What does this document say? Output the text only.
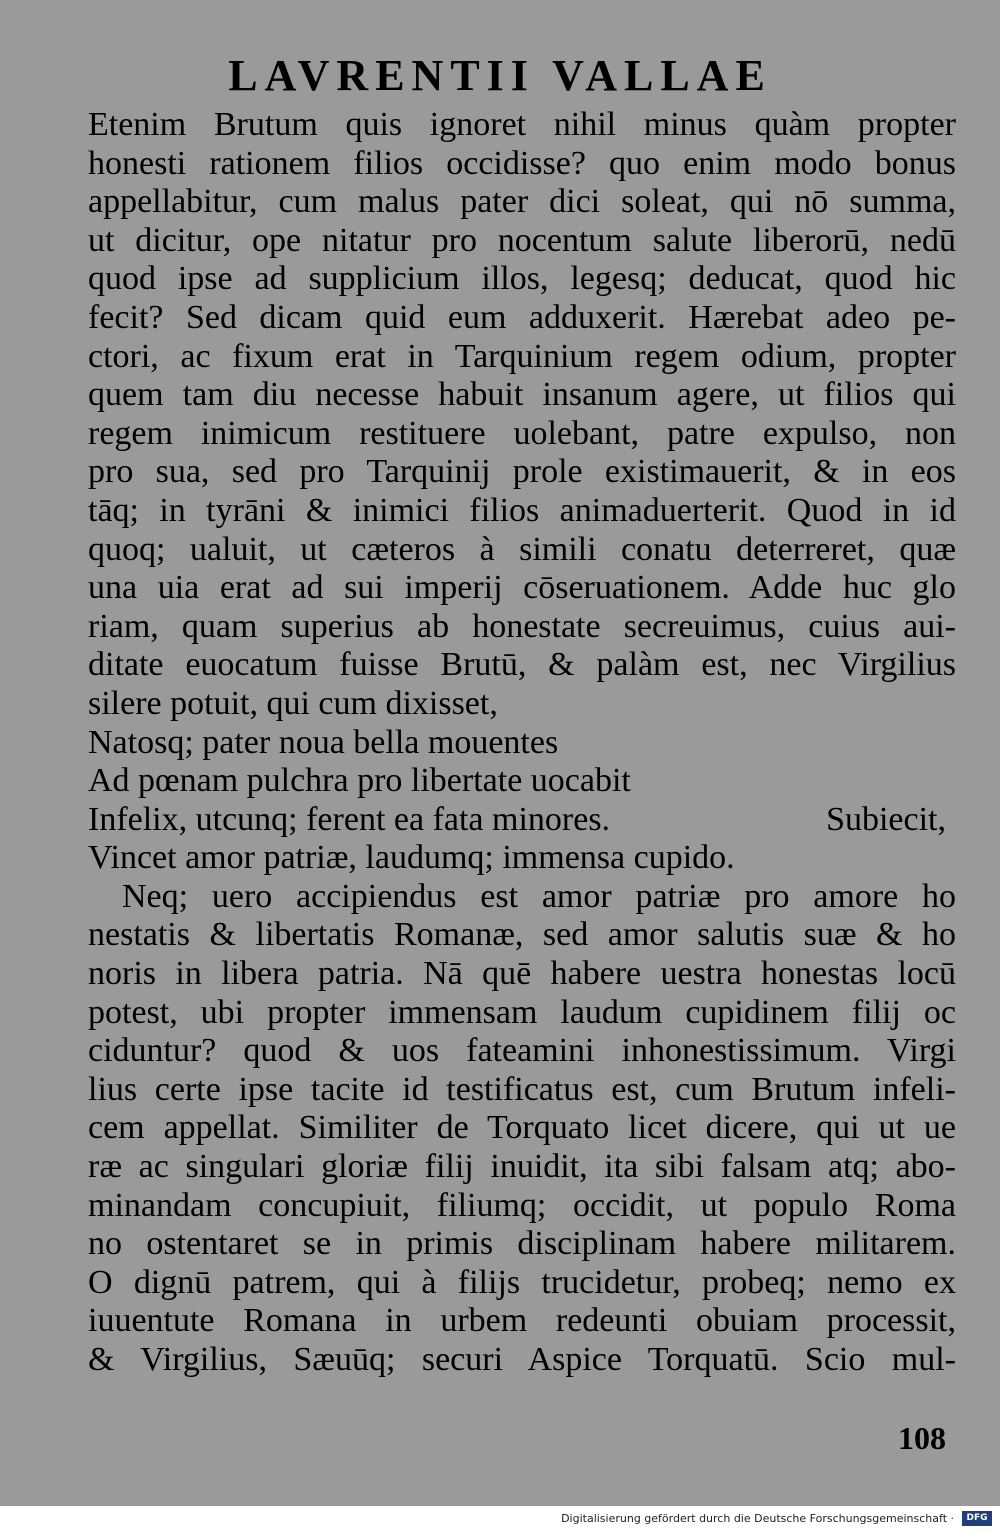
LAVRENTII VALLAE
Etenim Brutum quis ignoret nihil minus quàm propter
honesti rationem filios occidisse? quo enim modo bonus
appellabitur, cum malus pater dici soleat, qui nō summa,
ut dicitur, ope nitatur pro nocentum salute liberorū, nedū
quod ipse ad supplicium illos, legesq; deducat, quod hic
fecit? Sed dicam quid eum adduxerit. Hærebat adeo pe-
ctori, ac fixum erat in Tarquinium regem odium, propter
quem tam diu necesse habuit insanum agere, ut filios qui
regem inimicum restituere uolebant, patre expulso, non
pro sua, sed pro Tarquinij prole existimauerit, & in eos
tāq; in tyrāni & inimici filios animaduerterit. Quod in id
quoq; ualuit, ut cæteros à simili conatu deterreret, quæ
una uia erat ad sui imperij cōseruationem. Adde huc glo
riam, quam superius ab honestate secreuimus, cuius aui-
ditate euocatum fuisse Brutū, & palàm est, nec Virgilius
silere potuit, qui cum dixisset,
Natosq; pater noua bella mouentes
Ad pœnam pulchra pro libertate uocabit
Infelix, utcunq; ferent ea fata minores.	Subiecit,
Vincet amor patriæ, laudumq; immensa cupido.
Neq; uero accipiendus est amor patriæ pro amore ho
nestatis & libertatis Romanæ, sed amor salutis suæ & ho
noris in libera patria. Nā quē habere uestra honestas locū
potest, ubi propter immensam laudum cupidinem filij oc
ciduntur? quod & uos fateamini inhonestissimum. Virgi
lius certe ipse tacite id testificatus est, cum Brutum infeli-
cem appellat. Similiter de Torquato licet dicere, qui ut ue
ræ ac singulari gloriæ filij inuidit, ita sibi falsam atq; abo-
minandam concupiuit, filiumq; occidit, ut populo Roma
no ostentaret se in primis disciplinam habere militarem.
O dignū patrem, qui à filijs trucidetur, probeq; nemo ex
iuuentute Romana in urbem redeunti obuiam processit,
& Virgilius, Sæuūq; securi Aspice Torquatū. Scio mul-
108
Digitalisierung gefördert durch die Deutsche Forschungsgemeinschaft ·	DFG
